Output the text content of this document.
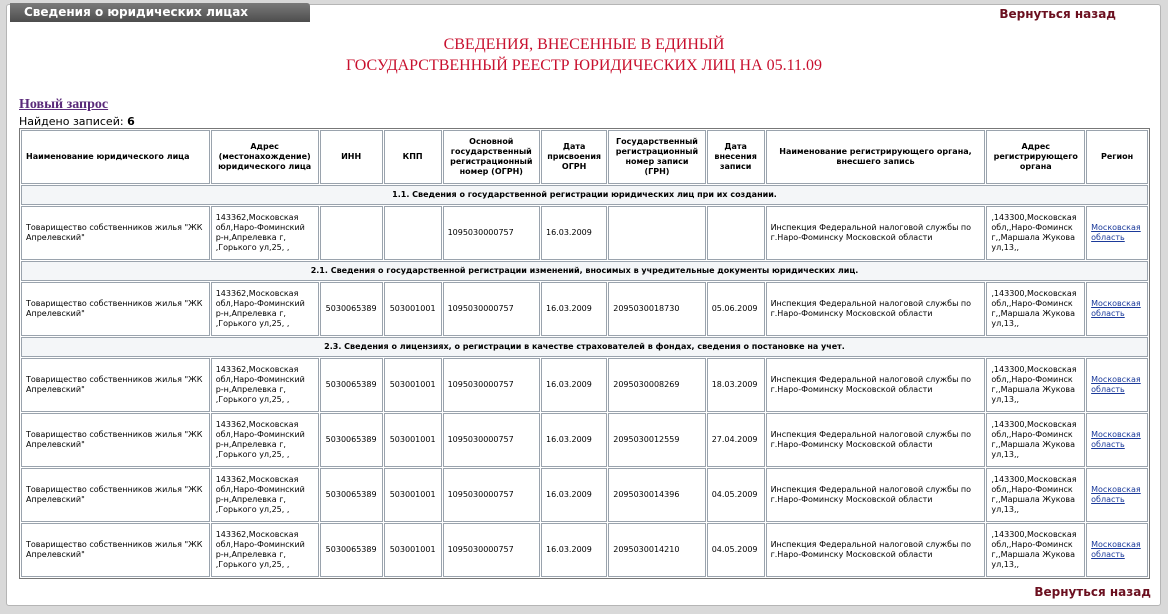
Сведения о юридических лицах	Вернуться назад
СВЕДЕНИЯ, ВНЕСЕННЫЕ В ЕДИНЫЙ
ГОСУДАРСТВЕННЫЙ РЕЕСТР ЮРИДИЧЕСКИХ ЛИЦ НА 05.11.09
Новый запрос
Найдено записей: 6
Наименование юридического лица	Адрес (местонахождение) юридического лица	ИНН	КПП	Основной государственный регистрационный номер (ОГРН)	Дата присвоения ОГРН	Государственный регистрационный номер записи (ГРН)	Дата внесения записи	Наименование регистрирующего органа, внесшего запись	Адрес регистрирующего органа	Регион
1.1. Сведения о государственной регистрации юридических лиц при их создании.										
Товарищество собственников жилья "ЖК Апрелевский"	143362,Московская обл,Наро-Фоминский р-н,Апрелевка г, ,Горького ул,25, ,			1095030000757	16.03.2009			Инспекция Федеральной налоговой службы по г.Наро-Фоминску Московской области	,143300,Московская обл,,Наро-Фоминск г,,Маршала Жукова ул,13,,	Московская область
2.1. Сведения о государственной регистрации изменений, вносимых в учредительные документы юридических лиц.										
Товарищество собственников жилья "ЖК Апрелевский"	143362,Московская обл,Наро-Фоминский р-н,Апрелевка г, ,Горького ул,25, ,	5030065389	503001001	1095030000757	16.03.2009	2095030018730	05.06.2009	Инспекция Федеральной налоговой службы по г.Наро-Фоминску Московской области	,143300,Московская обл,,Наро-Фоминск г,,Маршала Жукова ул,13,,	Московская область
2.3. Сведения о лицензиях, о регистрации в качестве страхователей в фондах, сведения о постановке на учет.										
Товарищество собственников жилья "ЖК Апрелевский"	143362,Московская обл,Наро-Фоминский р-н,Апрелевка г, ,Горького ул,25, ,	5030065389	503001001	1095030000757	16.03.2009	2095030008269	18.03.2009	Инспекция Федеральной налоговой службы по г.Наро-Фоминску Московской области	,143300,Московская обл,,Наро-Фоминск г,,Маршала Жукова ул,13,,	Московская область
Товарищество собственников жилья "ЖК Апрелевский"	143362,Московская обл,Наро-Фоминский р-н,Апрелевка г, ,Горького ул,25, ,	5030065389	503001001	1095030000757	16.03.2009	2095030012559	27.04.2009	Инспекция Федеральной налоговой службы по г.Наро-Фоминску Московской области	,143300,Московская обл,,Наро-Фоминск г,,Маршала Жукова ул,13,,	Московская область
Товарищество собственников жилья "ЖК Апрелевский"	143362,Московская обл,Наро-Фоминский р-н,Апрелевка г, ,Горького ул,25, ,	5030065389	503001001	1095030000757	16.03.2009	2095030014396	04.05.2009	Инспекция Федеральной налоговой службы по г.Наро-Фоминску Московской области	,143300,Московская обл,,Наро-Фоминск г,,Маршала Жукова ул,13,,	Московская область
Товарищество собственников жилья "ЖК Апрелевский"	143362,Московская обл,Наро-Фоминский р-н,Апрелевка г, ,Горького ул,25, ,	5030065389	503001001	1095030000757	16.03.2009	2095030014210	04.05.2009	Инспекция Федеральной налоговой службы по г.Наро-Фоминску Московской области	,143300,Московская обл,,Наро-Фоминск г,,Маршала Жукова ул,13,,	Московская область
Вернуться назад
